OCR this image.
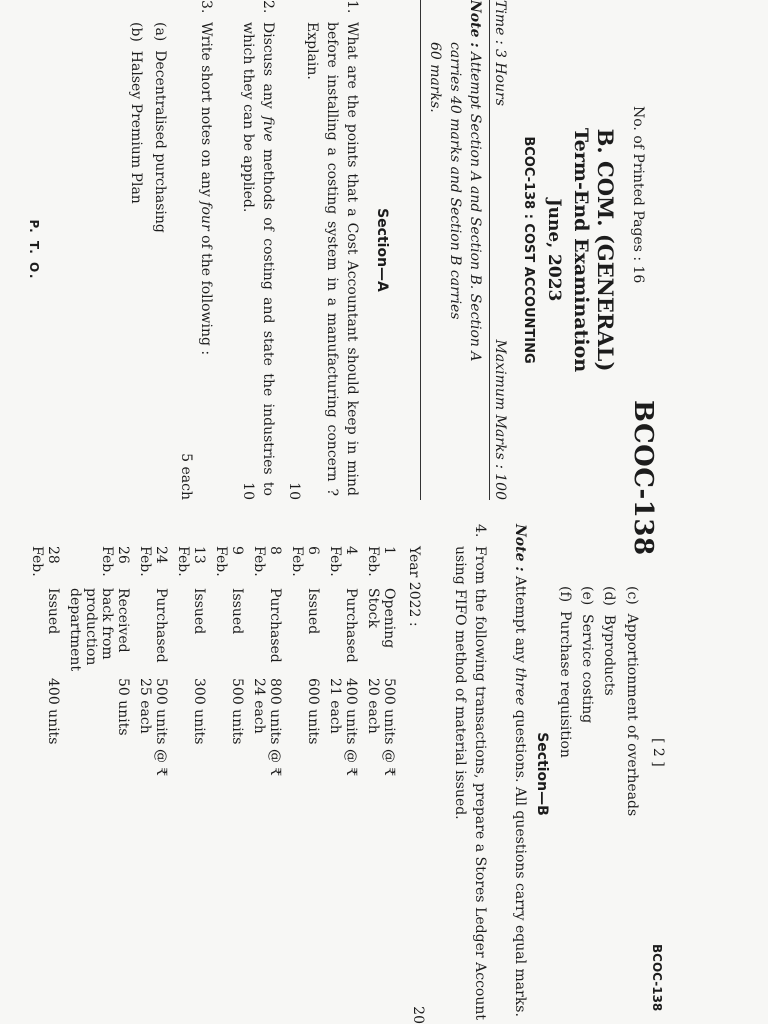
No. of Printed Pages : 16
BCOC-138
B. COM. (GENERAL)
Term-End Examination
June, 2023
BCOC-138 : COST ACCOUNTING
Time : 3 Hours
Maximum Marks : 100
Note : Attempt Section A and Section B. Section A
carries 40 marks and Section B carries
60 marks.
Section—A
1.
What are the points that a Cost Accountant should keep in mind before installing a costing system in a manufacturing concern ? Explain.
10
2.
Discuss any five methods of costing and state the industries to which they can be applied.
10
3.
Write short notes on any four of the following :
5 each
(a)  Decentralised purchasing
(b)  Halsey Premium Plan
P. T. O.
[ 2 ]
BCOC-138
(c)  Apportionment of overheads
(d)  Byproducts
(e)  Service costing
(f)  Purchase requisition
Section—B
Note : Attempt any three questions. All questions carry equal marks.
4.
From the following transactions, prepare a Stores Ledger Account using FIFO method of material issued.
20
Year 2022 :
1 Feb.	Opening Stock	500 units @ ₹ 20 each
4 Feb.	Purchased	400 units @ ₹ 21 each
6 Feb.	Issued	600 units
8 Feb.	Purchased	800 units @ ₹ 24 each
9 Feb.	Issued	500 units
13 Feb.	Issued	300 units
24 Feb.	Purchased	500 units @ ₹ 25 each
26 Feb.	Received back from production department	50 units
28 Feb.	Issued	400 units
